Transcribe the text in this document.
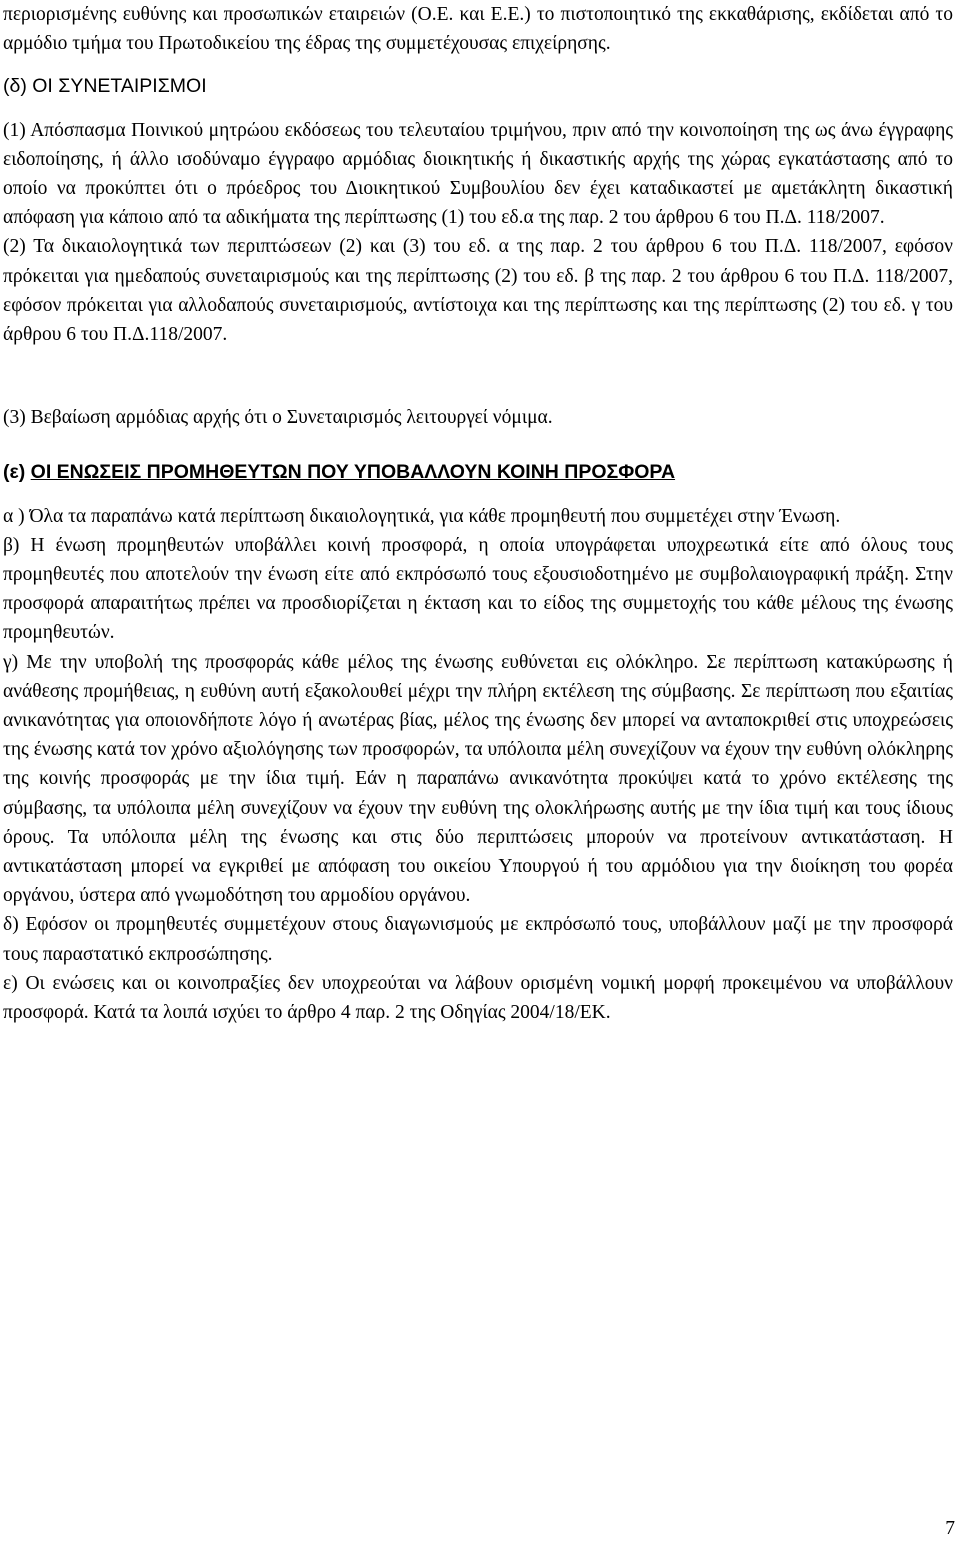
περιορισμένης ευθύνης και προσωπικών εταιρειών (Ο.Ε. και Ε.Ε.) το πιστοποιητικό της εκκαθάρισης, εκδίδεται από το αρμόδιο τμήμα του Πρωτοδικείου της έδρας της συμμετέχουσας επιχείρησης.

(δ) ΟΙ ΣΥΝΕΤΑΙΡΙΣΜΟΙ

(1) Απόσπασμα Ποινικού μητρώου εκδόσεως του τελευταίου τριμήνου, πριν από την κοινοποίηση της ως άνω έγγραφης ειδοποίησης, ή άλλο ισοδύναμο έγγραφο αρμόδιας διοικητικής ή δικαστικής αρχής της χώρας εγκατάστασης από το οποίο να προκύπτει ότι ο πρόεδρος του Διοικητικού Συμβουλίου δεν έχει καταδικαστεί με αμετάκλητη δικαστική απόφαση για κάποιο από τα αδικήματα της περίπτωσης (1) του εδ.α της παρ. 2 του άρθρου 6 του Π.Δ. 118/2007.

(2) Τα δικαιολογητικά των περιπτώσεων (2) και (3) του εδ. α της παρ. 2 του άρθρου 6 του Π.Δ. 118/2007, εφόσον πρόκειται για ημεδαπούς συνεταιρισμούς και της περίπτωσης (2) του εδ. β της παρ. 2 του άρθρου 6 του Π.Δ. 118/2007, εφόσον πρόκειται για αλλοδαπούς συνεταιρισμούς, αντίστοιχα και της περίπτωσης και της περίπτωσης (2) του εδ. γ του άρθρου 6 του Π.Δ.118/2007.

(3) Βεβαίωση αρμόδιας αρχής ότι ο Συνεταιρισμός λειτουργεί νόμιμα.

(ε) ΟΙ ΕΝΩΣΕΙΣ ΠΡΟΜΗΘΕΥΤΩΝ ΠΟΥ ΥΠΟΒΑΛΛΟΥΝ ΚΟΙΝΗ ΠΡΟΣΦΟΡΑ

α ) Όλα τα παραπάνω κατά περίπτωση δικαιολογητικά, για κάθε προμηθευτή που συμμετέχει στην Ένωση.

β) Η ένωση προμηθευτών υποβάλλει κοινή προσφορά, η οποία υπογράφεται υποχρεωτικά είτε από όλους τους προμηθευτές που αποτελούν την ένωση είτε από εκπρόσωπό τους εξουσιοδοτημένο με συμβολαιογραφική πράξη. Στην προσφορά απαραιτήτως πρέπει να προσδιορίζεται η έκταση και το είδος της συμμετοχής του κάθε μέλους της ένωσης προμηθευτών.

γ) Με την υποβολή της προσφοράς κάθε μέλος της ένωσης ευθύνεται εις ολόκληρο. Σε περίπτωση κατακύρωσης ή ανάθεσης προμήθειας, η ευθύνη αυτή εξακολουθεί μέχρι την πλήρη εκτέλεση της σύμβασης. Σε περίπτωση που εξαιτίας ανικανότητας για οποιονδήποτε λόγο ή ανωτέρας βίας, μέλος της ένωσης δεν μπορεί να ανταποκριθεί στις υποχρεώσεις της ένωσης κατά τον χρόνο αξιολόγησης των προσφορών, τα υπόλοιπα μέλη συνεχίζουν να έχουν την ευθύνη ολόκληρης της κοινής προσφοράς με την ίδια τιμή. Εάν η παραπάνω ανικανότητα προκύψει κατά το χρόνο εκτέλεσης της σύμβασης, τα υπόλοιπα μέλη συνεχίζουν να έχουν την ευθύνη της ολοκλήρωσης αυτής με την ίδια τιμή και τους ίδιους όρους. Τα υπόλοιπα μέλη της ένωσης και στις δύο περιπτώσεις μπορούν να προτείνουν αντικατάσταση. Η αντικατάσταση μπορεί να εγκριθεί με απόφαση του οικείου Υπουργού ή του αρμόδιου για την διοίκηση του φορέα οργάνου, ύστερα από γνωμοδότηση του αρμοδίου οργάνου.

δ) Εφόσον οι προμηθευτές συμμετέχουν στους διαγωνισμούς με εκπρόσωπό τους, υποβάλλουν μαζί με την προσφορά τους παραστατικό εκπροσώπησης.

ε) Οι ενώσεις και οι κοινοπραξίες δεν υποχρεούται να λάβουν ορισμένη νομική μορφή προκειμένου να υποβάλλουν προσφορά. Κατά τα λοιπά ισχύει το άρθρο 4 παρ. 2 της Οδηγίας 2004/18/ΕΚ.

7
